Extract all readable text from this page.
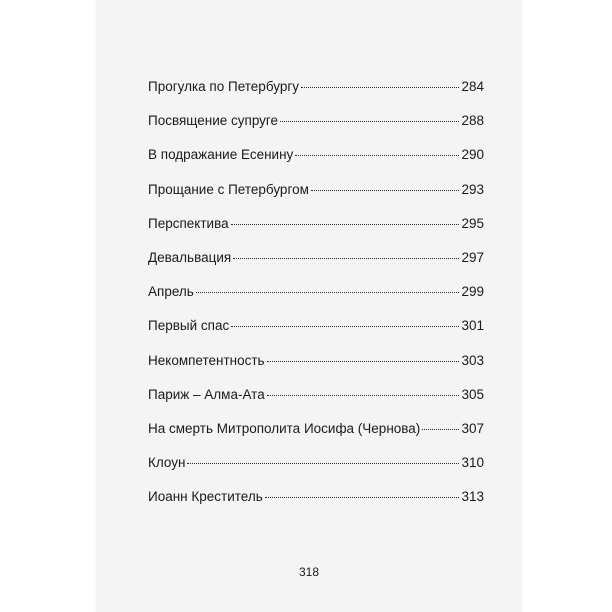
Прогулка по Петербургу	284
Посвящение супруге	288
В подражание Есенину	290
Прощание с Петербургом	293
Перспектива	295
Девальвация	297
Апрель	299
Первый спас	301
Некомпетентность	303
Париж – Алма-Ата	305
На смерть Митрополита Иосифа (Чернова)	307
Клоун	310
Иоанн Креститель	313
318
